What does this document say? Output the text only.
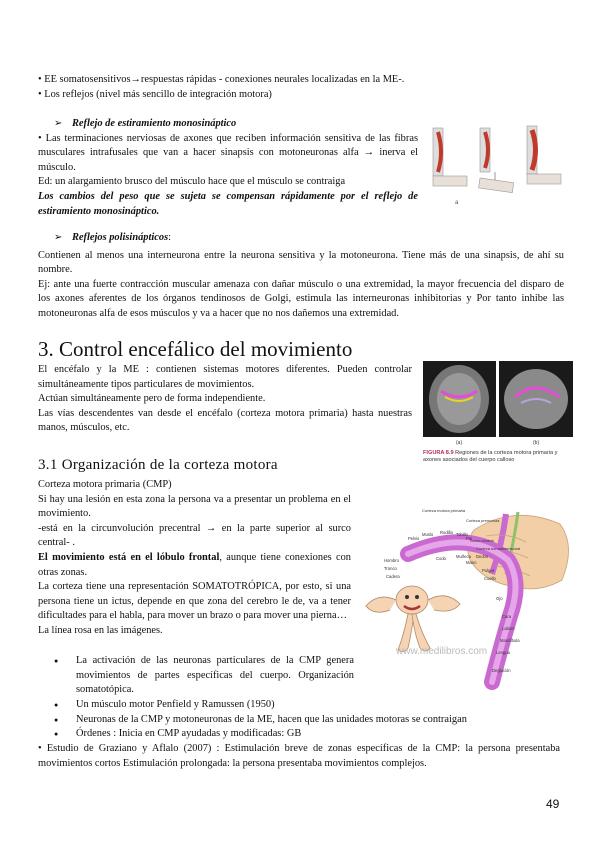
• EE somatosensitivos→respuestas rápidas - conexiones neurales localizadas en la ME-.
• Los reflejos (nivel más sencillo de integración motora)
➢ Reflejo de estiramiento monosináptico
• Las terminaciones nerviosas de axones que reciben información sensitiva de las fibras musculares intrafusales que van a hacer sinapsis con motoneuronas alfa → inerva el músculo.
Ed: un alargamiento brusco del músculo hace que el músculo se contraiga
Los cambios del peso que se sujeta se compensan rápidamente por el reflejo de estiramiento monosináptico.
a
➢ Reflejos polisinápticos:
Contienen al menos una interneurona entre la neurona sensitiva y la motoneurona. Tiene más de una sinapsis, de ahí su nombre.
Ej: ante una fuerte contracción muscular amenaza con dañar músculo o una extremidad, la mayor frecuencia del disparo de los axones aferentes de los órganos tendinosos de Golgi, estimula las interneuronas inhibitorias y Por tanto inhibe las motoneuronas alfa de esos músculos y va a hacer que no nos dañemos una extremidad.
3. Control encefálico del movimiento
El encéfalo y la ME : contienen sistemas motores diferentes. Pueden controlar simultáneamente tipos particulares de movimientos.
Actúan simultáneamente pero de forma independiente.
Las vías descendentes van desde el encéfalo (corteza motora primaria) hasta nuestras manos, músculos, etc.
(a)	(b)
FIGURA 8.9 Regiones de la corteza motora primaria y axones asociados del cuerpo calloso
3.1 Organización de la corteza motora
Corteza motora primaria (CMP)
Si hay una lesión en esta zona la persona va a presentar un problema en el movimiento.
-está en la circunvolución precentral → en la parte superior al surco central- .
El movimiento está en el lóbulo frontal, aunque tiene conexiones con otras zonas.
La corteza tiene una representación SOMATOTRÓPICA, por esto, si una persona tiene un ictus, depende en que zona del cerebro le de, va a tener dificultades para el habla, para mover un brazo o para mover una pierna…
La línea rosa en las imágenes.
● La activación de las neuronas particulares de la CMP genera movimientos de partes específicas del cuerpo. Organización somatotópica.
● Un músculo motor Penfield y Ramussen (1950)
● Neuronas de la CMP y motoneuronas de la ME, hacen que las unidades motoras se contraigan
● Órdenes : Inicia en CMP ayudadas y modificadas: GB
• Estudio de Graziano y Aflalo (2007) : Estimulación breve de zonas específicas de la CMP: la persona presentaba movimientos cortos Estimulación prolongada: la persona presentaba movimientos complejos.
Pelvis
Muslo Rodilla Tobillo
Pie
Cara
Labios
Mandíbula
Lengua
Deglución
Ojo
Cuello
Pulgar
Mano
Dedos
Muñeca
Codo
Hombro
Tronco
Cadera
Corteza motora primaria
Corteza premotora
Surco central
Corteza somatosensorial
www.medilibros.com
49
